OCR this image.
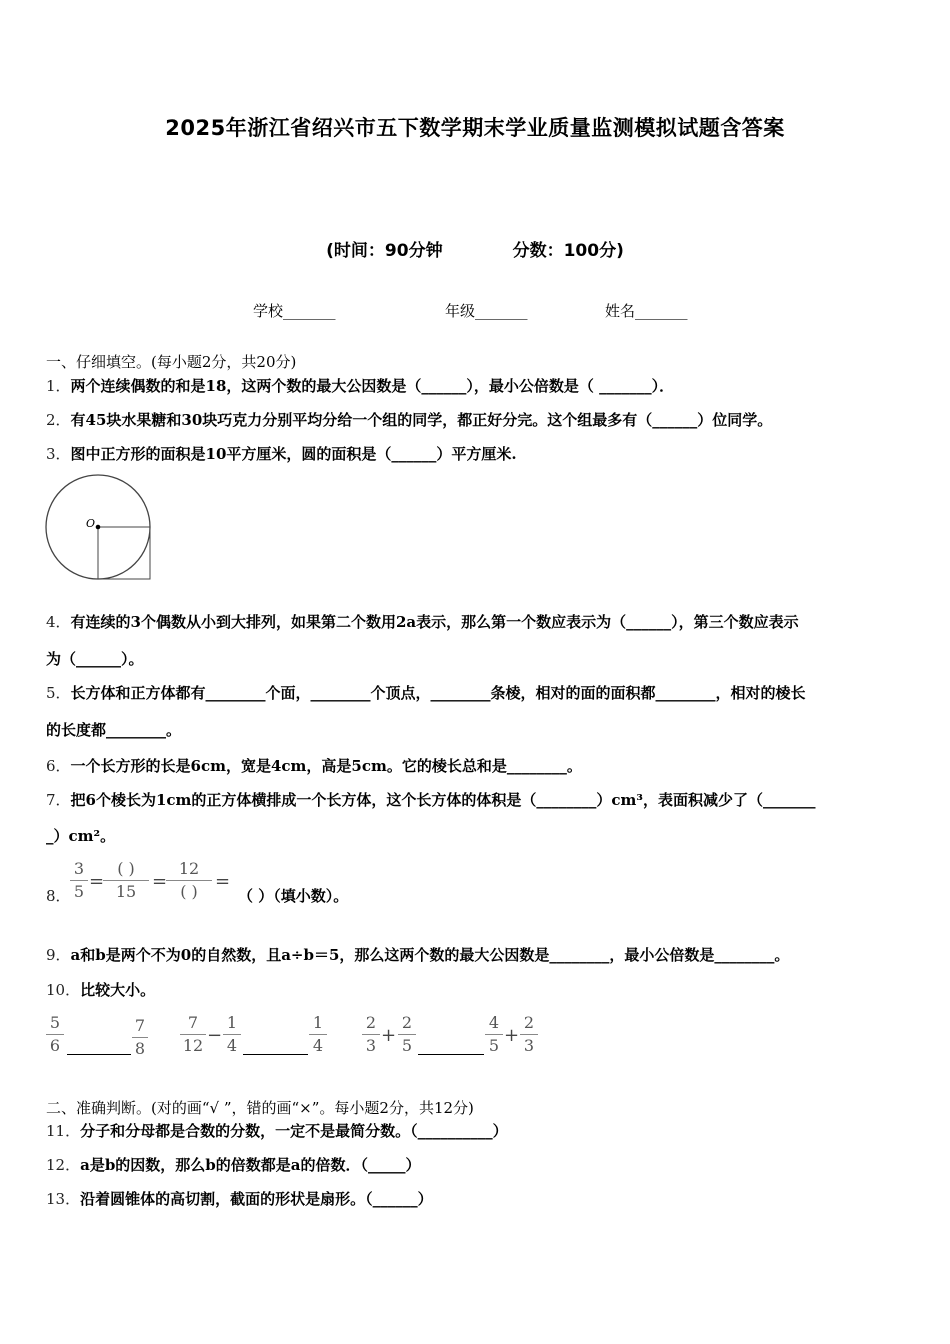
2025年浙江省绍兴市五下数学期末学业质量监测模拟试题含答案
(时间：90分钟	分数：100分)
学校_______	年级_______	姓名_______
一、仔细填空。(每小题2分，共20分)
1．两个连续偶数的和是18，这两个数的最大公因数是（______），最小公倍数是（ _______）．
2．有45块水果糖和30块巧克力分别平均分给一个组的同学，都正好分完。这个组最多有（______）位同学。
3．图中正方形的面积是10平方厘米，圆的面积是（______）平方厘米.
O
4．有连续的3个偶数从小到大排列，如果第二个数用2a表示，那么第一个数应表示为（______），第三个数应表示
为（______）。
5．长方体和正方体都有________个面，________个顶点，________条棱，相对的面的面积都________，相对的棱长
的长度都________。
6．一个长方形的长是6cm，宽是4cm，高是5cm。它的棱长总和是________。
7．把6个棱长为1cm的正方体横排成一个长方体，这个长方体的体积是（________）cm³，表面积减少了（_______
_）cm²。
8．
3
5 =
( )
15 =
12
( ) =
（ ）（填小数）。
9．a和b是两个不为0的自然数，且a÷b＝5，那么这两个数的最大公因数是________，最小公倍数是________。
10．比较大小。
5
6
7
8
7
12 −
1
4
1
4
2
3 +
2
5
4
5 +
2
3
二、准确判断。(对的画“√ ”，错的画“×”。每小题2分，共12分)
11．分子和分母都是合数的分数，一定不是最简分数。（__________）
12．a是b的因数，那么b的倍数都是a的倍数．（_____）
13．沿着圆锥体的高切割，截面的形状是扇形。（______）
